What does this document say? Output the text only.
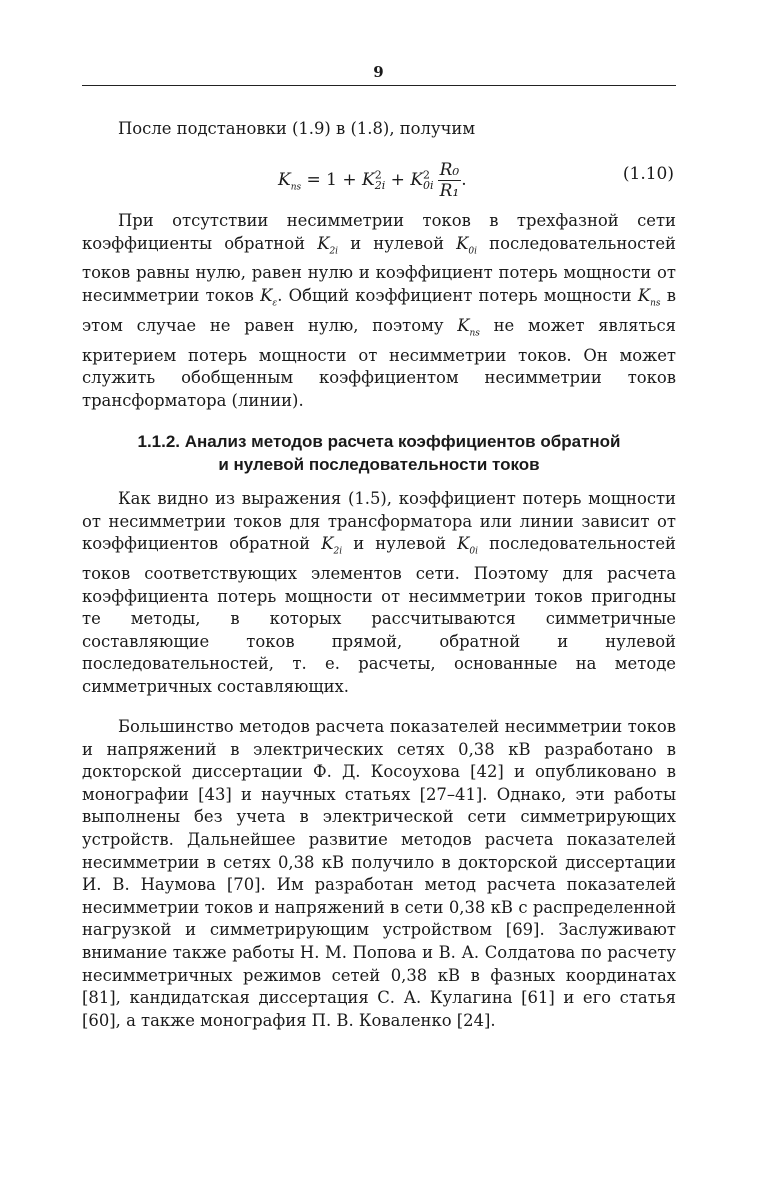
9

После подстановки (1.9) в (1.8), получим

$K_{ns} = 1 + K^2_{2i} + K^2_{0i} \frac{\text{R₀}}{\text{R₁}}$ .	(1.10)

При отсутствии несимметрии токов в трехфазной сети коэффициенты обратной $K_{2i}$ и нулевой $K_{0i}$ последовательностей токов равны нулю, равен нулю и коэффициент потерь мощности от несимметрии токов $K_\varepsilon$. Общий коэффициент потерь мощности $K_{ns}$ в этом случае не равен нулю, поэтому $K_{ns}$ не может являться критерием потерь мощности от несимметрии токов. Он может служить обобщенным коэффициентом несимметрии токов трансформатора (линии).

1.1.2. Анализ методов расчета коэффициентов обратной
и нулевой последовательности токов

Как видно из выражения (1.5), коэффициент потерь мощности от несимметрии токов для трансформатора или линии зависит от коэффициентов обратной $K_{2i}$ и нулевой $K_{0i}$ последовательностей токов соответствующих элементов сети. Поэтому для расчета коэффициента потерь мощности от несимметрии токов пригодны те методы, в которых рассчитываются симметричные составляющие токов прямой, обратной и нулевой последовательностей, т. е. расчеты, основанные на методе симметричных составляющих.

Большинство методов расчета показателей несимметрии токов и напряжений в электрических сетях 0,38 кВ разработано в докторской диссертации Ф. Д. Косоухова [42] и опубликовано в монографии [43] и научных статьях [27–41]. Однако, эти работы выполнены без учета в электрической сети симметрирующих устройств. Дальнейшее развитие методов расчета показателей несимметрии в сетях 0,38 кВ получило в докторской диссертации И. В. Наумова [70]. Им разработан метод расчета показателей несимметрии токов и напряжений в сети 0,38 кВ с распределенной нагрузкой и симметрирующим устройством [69]. Заслуживают внимание также работы Н. М. Попова и В. А. Солдатова по расчету несимметричных режимов сетей 0,38 кВ в фазных координатах [81], кандидатская диссертация С. А. Кулагина [61] и его статья [60], а также монография П. В. Коваленко [24].
